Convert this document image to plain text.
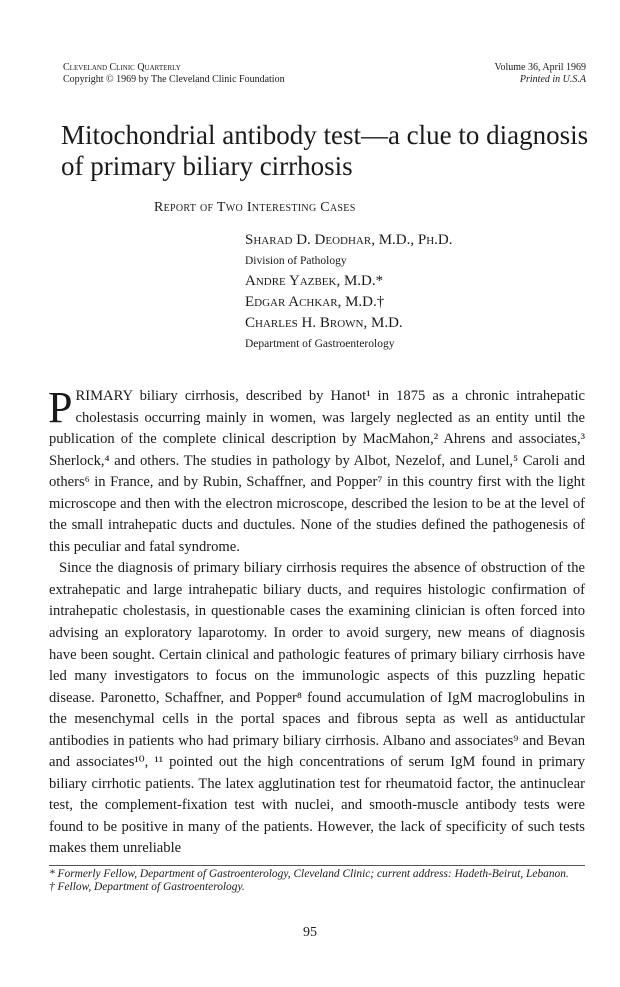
Cleveland Clinic Quarterly
Copyright © 1969 by The Cleveland Clinic Foundation
Volume 36, April 1969
Printed in U.S.A
Mitochondrial antibody test—a clue to diagnosis of primary biliary cirrhosis
Report of Two Interesting Cases
Sharad D. Deodhar, M.D., Ph.D.
Division of Pathology
Andre Yazbek, M.D.*
Edgar Achkar, M.D.†
Charles H. Brown, M.D.
Department of Gastroenterology

PRIMARY biliary cirrhosis, described by Hanot¹ in 1875 as a chronic intrahepatic cholestasis occurring mainly in women, was largely neglected as an entity until the publication of the complete clinical description by MacMahon,² Ahrens and associates,³ Sherlock,⁴ and others. The studies in pathology by Albot, Nezelof, and Lunel,⁵ Caroli and others⁶ in France, and by Rubin, Schaffner, and Popper⁷ in this country first with the light microscope and then with the electron microscope, described the lesion to be at the level of the small intrahepatic ducts and ductules. None of the studies defined the pathogenesis of this peculiar and fatal syndrome.

Since the diagnosis of primary biliary cirrhosis requires the absence of obstruction of the extrahepatic and large intrahepatic biliary ducts, and requires histologic confirmation of intrahepatic cholestasis, in questionable cases the examining clinician is often forced into advising an exploratory laparotomy. In order to avoid surgery, new means of diagnosis have been sought. Certain clinical and pathologic features of primary biliary cirrhosis have led many investigators to focus on the immunologic aspects of this puzzling hepatic disease. Paronetto, Schaffner, and Popper⁸ found accumulation of IgM macroglobulins in the mesenchymal cells in the portal spaces and fibrous septa as well as antiductular antibodies in patients who had primary biliary cirrhosis. Albano and associates⁹ and Bevan and associates¹⁰, ¹¹ pointed out the high concentrations of serum IgM found in primary biliary cirrhotic patients. The latex agglutination test for rheumatoid factor, the antinuclear test, the complement-fixation test with nuclei, and smooth-muscle antibody tests were found to be positive in many of the patients. However, the lack of specificity of such tests makes them unreliable

* Formerly Fellow, Department of Gastroenterology, Cleveland Clinic; current address: Hadeth-Beirut, Lebanon.

† Fellow, Department of Gastroenterology.

95
